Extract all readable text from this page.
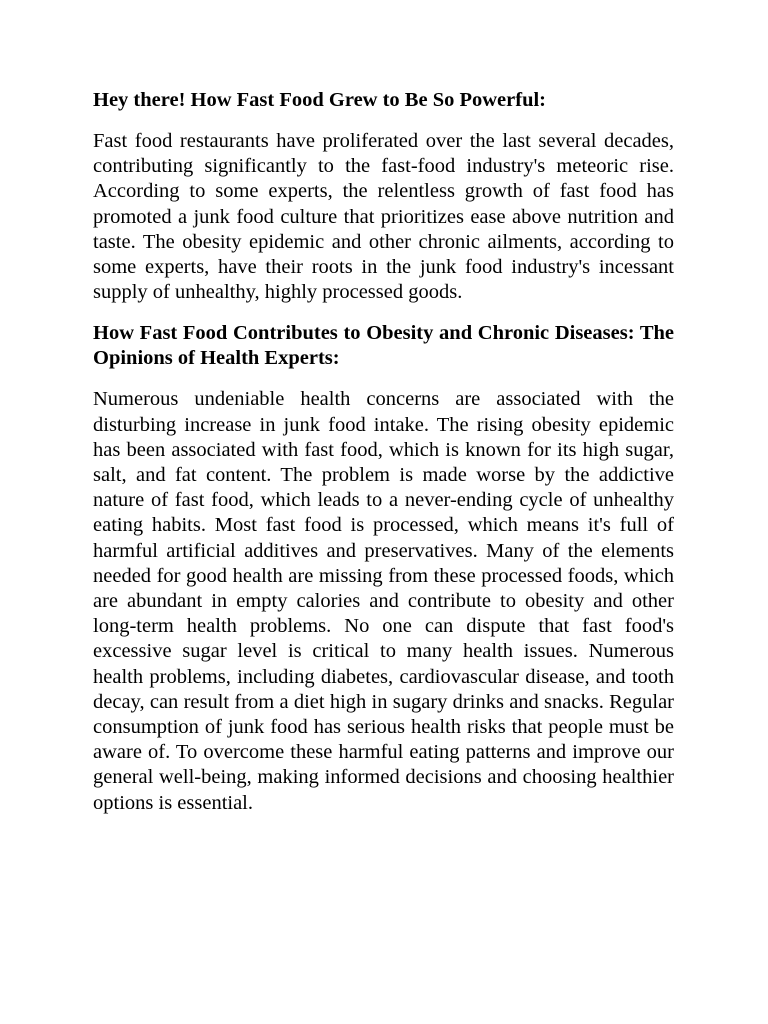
Hey there! How Fast Food Grew to Be So Powerful:
Fast food restaurants have proliferated over the last several decades, contributing significantly to the fast-food industry's meteoric rise. According to some experts, the relentless growth of fast food has promoted a junk food culture that prioritizes ease above nutrition and taste. The obesity epidemic and other chronic ailments, according to some experts, have their roots in the junk food industry's incessant supply of unhealthy, highly processed goods.
How Fast Food Contributes to Obesity and Chronic Diseases: The Opinions of Health Experts:
Numerous undeniable health concerns are associated with the disturbing increase in junk food intake. The rising obesity epidemic has been associated with fast food, which is known for its high sugar, salt, and fat content. The problem is made worse by the addictive nature of fast food, which leads to a never-ending cycle of unhealthy eating habits. Most fast food is processed, which means it's full of harmful artificial additives and preservatives. Many of the elements needed for good health are missing from these processed foods, which are abundant in empty calories and contribute to obesity and other long-term health problems. No one can dispute that fast food's excessive sugar level is critical to many health issues. Numerous health problems, including diabetes, cardiovascular disease, and tooth decay, can result from a diet high in sugary drinks and snacks. Regular consumption of junk food has serious health risks that people must be aware of. To overcome these harmful eating patterns and improve our general well-being, making informed decisions and choosing healthier options is essential.
